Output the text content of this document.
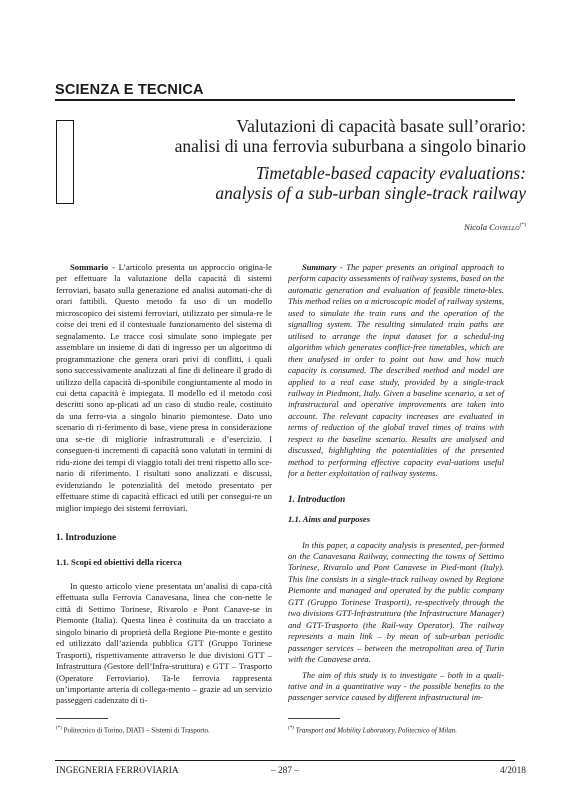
SCIENZA E TECNICA
Valutazioni di capacità basate sull’orario:
analisi di una ferrovia suburbana a singolo binario
Timetable-based capacity evaluations:
analysis of a sub-urban single-track railway
Nicola Coviello(*)

Sommario - L’articolo presenta un approccio origina-le per effettuare la valutazione della capacità di sistemi ferroviari, basato sulla generazione ed analisi automati-che di orari fattibili. Questo metodo fa uso di un modello microscopico dei sistemi ferroviari, utilizzato per simula-re le corse dei treni ed il contestuale funzionamento del sistema di segnalamento. Le tracce così simulate sono impiegate per assemblare un insieme di dati di ingresso per un algoritmo di programmazione che genera orari privi di conflitti, i quali sono successivamente analizzati al fine di delineare il grado di utilizzo della capacità di-sponibile congiuntamente al modo in cui detta capacità è impiegata. Il modello ed il metodo così descritti sono ap-plicati ad un caso di studio reale, costituito da una ferro-via a singolo binario piemontese. Dato uno scenario di ri-ferimento di base, viene presa in considerazione una se-rie di migliorie infrastrutturali e d’esercizio. I conseguen-ti incrementi di capacità sono valutati in termini di ridu-zione dei tempi di viaggio totali dei treni rispetto allo sce-nario di riferimento. I risultati sono analizzati e discussi, evidenziando le potenzialità del metodo presentato per effettuare stime di capacità efficaci ed utili per consegui-re un miglior impiego dei sistemi ferroviari.

1. Introduzione
1.1. Scopi ed obiettivi della ricerca

In questo articolo viene presentata un’analisi di capa-cità effettuata sulla Ferrovia Canavesana, linea che con-nette le città di Settimo Torinese, Rivarolo e Pont Canave-se in Piemonte (Italia). Questa linea è costituita da un tracciato a singolo binario di proprietà della Regione Pie-monte e gestito ed utilizzato dall’azienda pubblica GTT (Gruppo Torinese Trasporti), rispettivamente attraverso le due divisioni GTT – Infrastruttura (Gestore dell’Infra-struttura) e GTT – Trasporto (Operatore Ferroviario). Ta-le ferrovia rappresenta un’importante arteria di collega-mento – grazie ad un servizio passeggeri cadenzato di ti-

Summary - The paper presents an original approach to perform capacity assessments of railway systems, based on the automatic generation and evaluation of feasible timeta-bles. This method relies on a microscopic model of railway systems, used to simulate the train runs and the operation of the signalling system. The resulting simulated train paths are utilised to arrange the input dataset for a schedul-ing algorithm which generates conflict-free timetables, which are then analysed in order to point out how and how much capacity is consumed. The described method and model are applied to a real case study, provided by a single-track railway in Piedmont, Italy. Given a baseline scenario, a set of infrastructural and operative improvements are taken into account. The relevant capacity increases are evaluated in terms of reduction of the global travel times of trains with respect to the baseline scenario. Results are analysed and discussed, highlighting the potentialities of the presented method to performing effective capacity eval-uations useful for a better exploitation of railway systems.

1. Introduction
1.1. Aims and purposes

In this paper, a capacity analysis is presented, per-formed on the Canavesana Railway, connecting the towns of Settimo Torinese, Rivarolo and Pont Canavese in Pied-mont (Italy). This line consists in a single-track railway owned by Regione Piemonte and managed and operated by the public company GTT (Gruppo Torinese Trasporti), re-spectively through the two divisions GTT-Infrastruttura (the Infrastructure Manager) and GTT-Trasporto (the Rail-way Operator). The railway represents a main link – by mean of sub-urban periodic passenger services – between the metropolitan area of Turin with the Canavese area.

The aim of this study is to investigate – both in a quali-tative and in a quantitative way - the possible benefits to the passenger service caused by different infrastructural im-

(*) Politecnico di Torino, DIATI – Sistemi di Trasporto.	(*) Transport and Mobility Laboratory, Politecnico of Milan.
INGEGNERIA FERROVIARIA	– 287 –	4/2018
